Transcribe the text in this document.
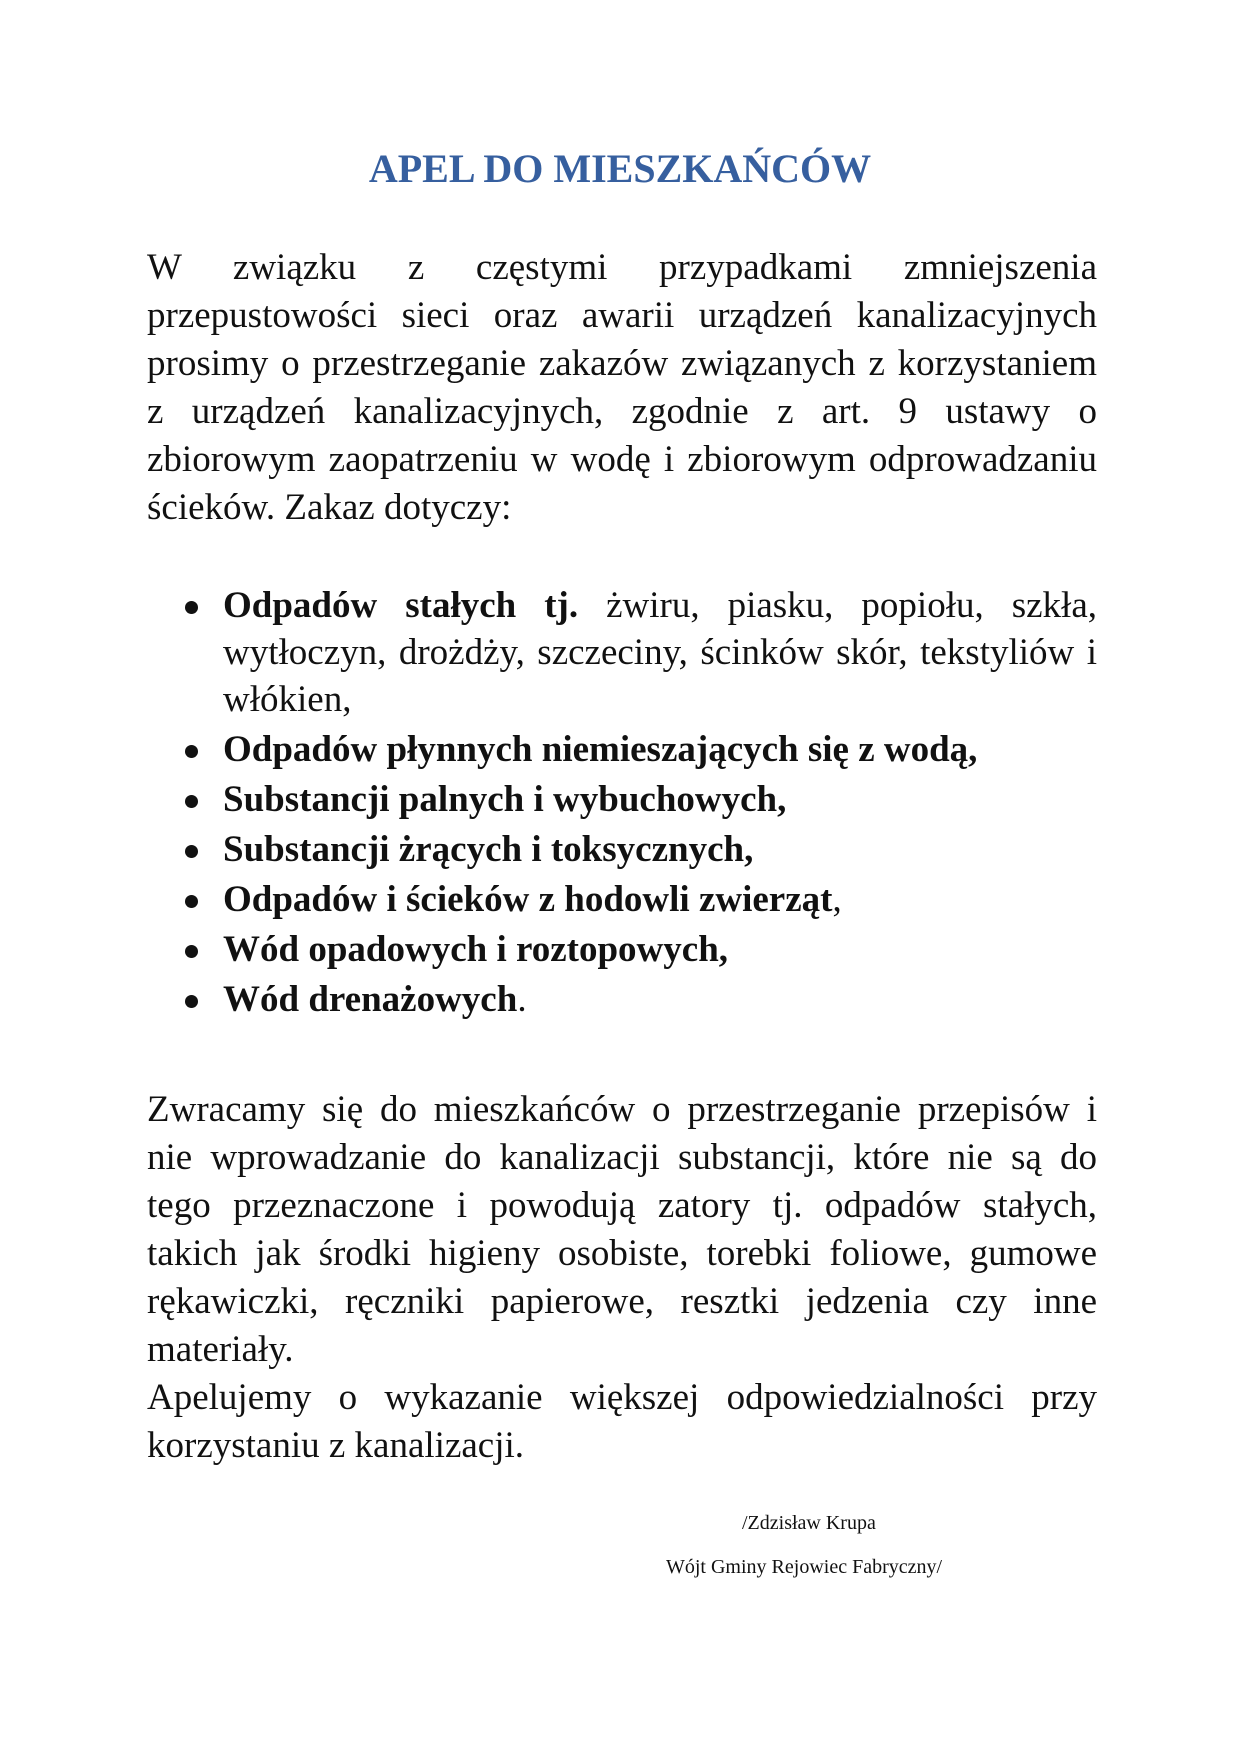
APEL DO MIESZKAŃCÓW
W związku z częstymi przypadkami zmniejszenia przepustowości sieci oraz awarii urządzeń kanalizacyjnych prosimy o przestrzeganie zakazów związanych z korzystaniem z urządzeń kanalizacyjnych, zgodnie z art. 9 ustawy o zbiorowym zaopatrzeniu w wodę i zbiorowym odprowadzaniu ścieków. Zakaz dotyczy:
Odpadów stałych tj. żwiru, piasku, popiołu, szkła, wytłoczyn, drożdży, szczeciny, ścinków skór, tekstyliów i włókien,
Odpadów płynnych niemieszających się z wodą,
Substancji palnych i wybuchowych,
Substancji żrących i toksycznych,
Odpadów i ścieków z hodowli zwierząt,
Wód opadowych i roztopowych,
Wód drenażowych.
Zwracamy się do mieszkańców o przestrzeganie przepisów i nie wprowadzanie do kanalizacji substancji, które nie są do tego przeznaczone i powodują zatory tj. odpadów stałych, takich jak środki higieny osobiste, torebki foliowe, gumowe rękawiczki, ręczniki papierowe, resztki jedzenia czy inne materiały.
Apelujemy o wykazanie większej odpowiedzialności przy korzystaniu z kanalizacji.
/Zdzisław Krupa
Wójt Gminy Rejowiec Fabryczny/
